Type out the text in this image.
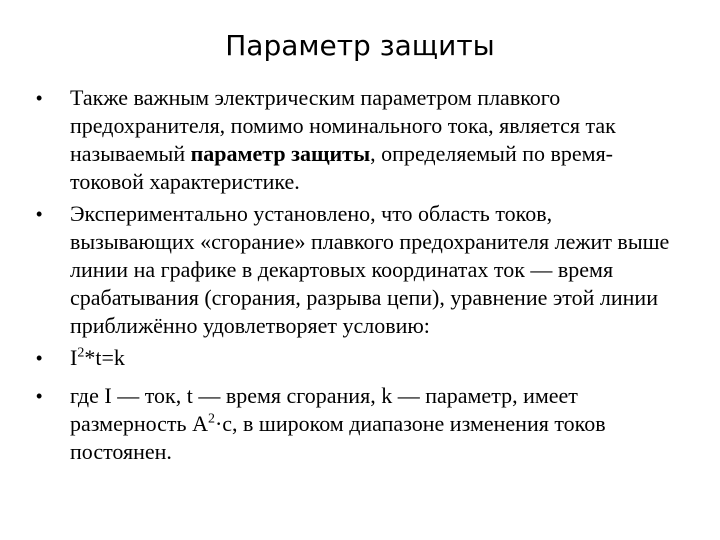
Параметр защиты
• Также важным электрическим параметром плавкого предохранителя, помимо номинального тока, является так называемый параметр защиты, определяемый по время-токовой характеристике.
• Экспериментально установлено, что область токов, вызывающих «сгорание» плавкого предохранителя лежит выше линии на графике в декартовых координатах ток — время срабатывания (сгорания, разрыва цепи), уравнение этой линии приближённо удовлетворяет условию:
• $I^2*t=k$
• где I — ток, t — время сгорания, k — параметр, имеет размерность $А^2\cdot с$, в широком диапазоне изменения токов постоянен.
